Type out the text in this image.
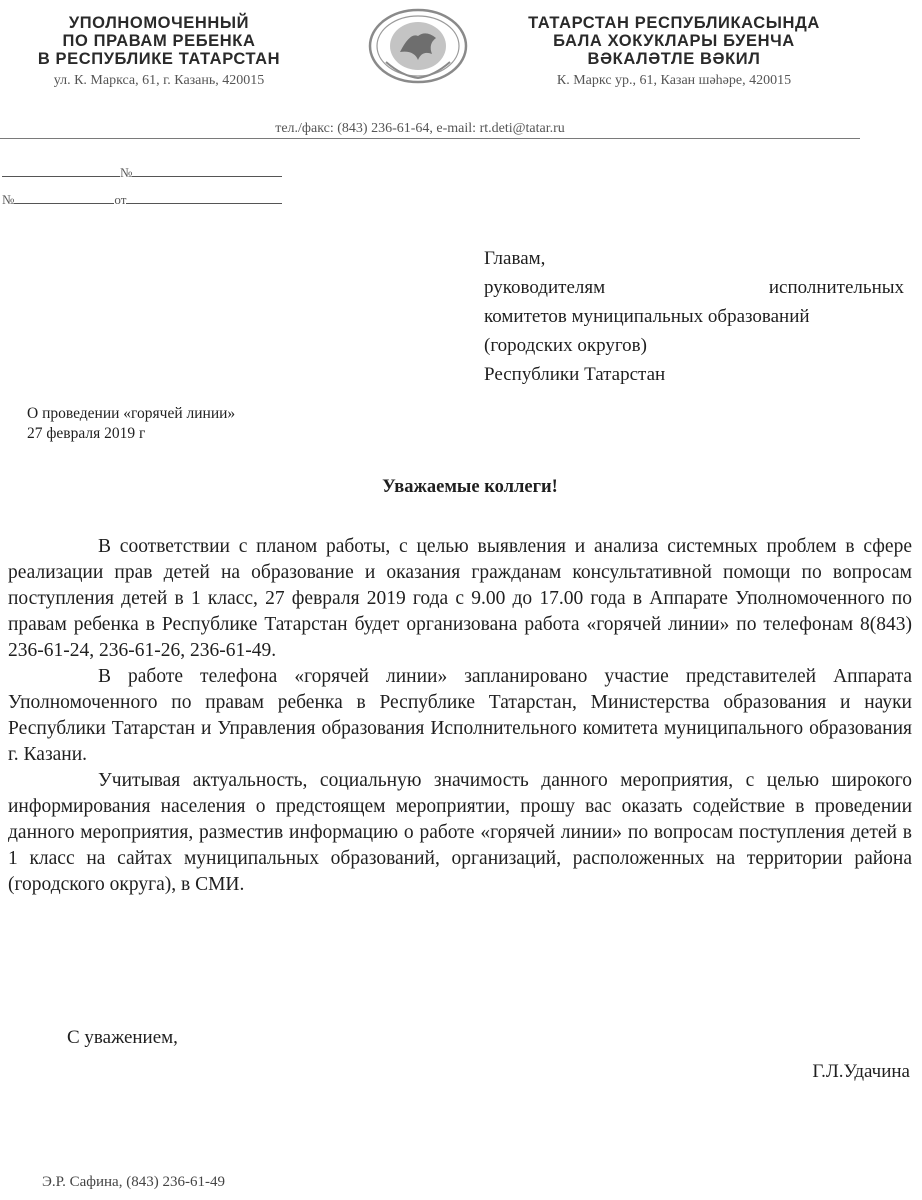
УПОЛНОМОЧЕННЫЙ
ПО ПРАВАМ РЕБЕНКА
В РЕСПУБЛИКЕ ТАТАРСТАН
ул. К. Маркса, 61, г. Казань, 420015
ТАТАРСТАН РЕСПУБЛИКАСЫНДА
БАЛА ХОКУКЛАРЫ БУЕНЧА
ВӘКАЛӘТЛЕ ВӘКИЛ
К. Маркс ур., 61, Казан шәһәре, 420015
тел./факс: (843) 236-61-64, e-mail: rt.deti@tatar.ru
№
№	от
Главам,
руководителям исполнительных
комитетов муниципальных образований
(городских округов)
Республики Татарстан
О проведении «горячей линии»
27 февраля 2019 г
Уважаемые коллеги!

В соответствии с планом работы, с целью выявления и анализа системных проблем в сфере реализации прав детей на образование и оказания гражданам консультативной помощи по вопросам поступления детей в 1 класс, 27 февраля 2019 года с 9.00 до 17.00 года в Аппарате Уполномоченного по правам ребенка в Республике Татарстан будет организована работа «горячей линии» по телефонам 8(843) 236-61-24, 236-61-26, 236-61-49.

В работе телефона «горячей линии» запланировано участие представителей Аппарата Уполномоченного по правам ребенка в Республике Татарстан, Министерства образования и науки Республики Татарстан и Управления образования Исполнительного комитета муниципального образования г. Казани.

Учитывая актуальность, социальную значимость данного мероприятия, с целью широкого информирования населения о предстоящем мероприятии, прошу вас оказать содействие в проведении данного мероприятия, разместив информацию о работе «горячей линии» по вопросам поступления детей в 1 класс на сайтах муниципальных образований, организаций, расположенных на территории района (городского округа), в СМИ.

С уважением,
Г.Л.Удачина
Э.Р. Сафина, (843) 236-61-49
